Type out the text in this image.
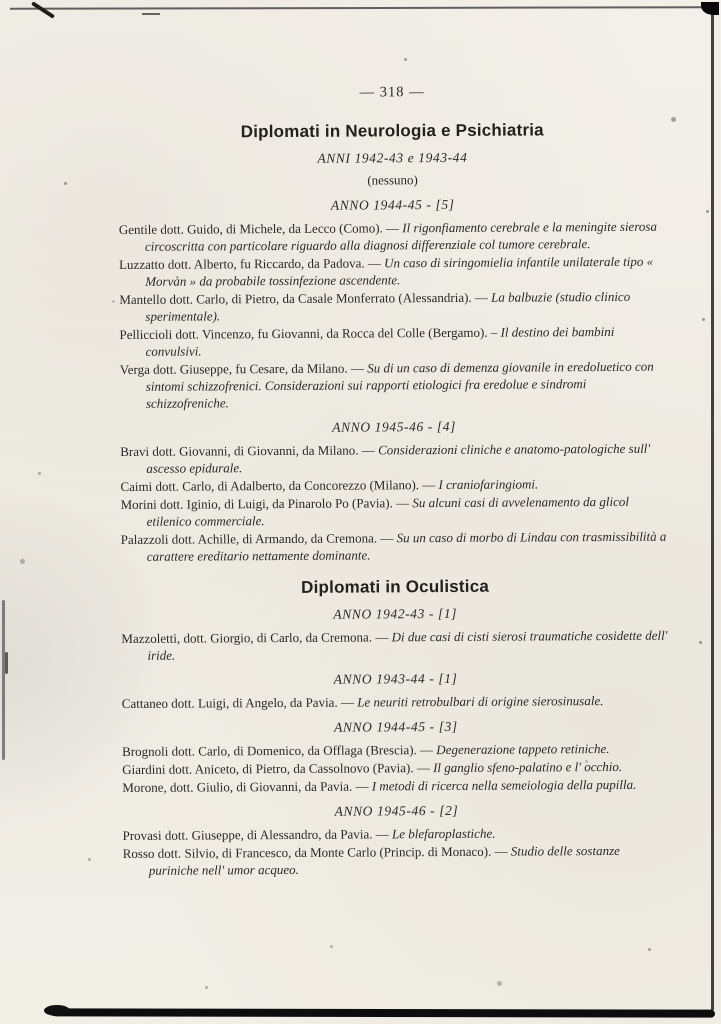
— 318 —
Diplomati in Neurologia e Psichiatria
ANNI 1942-43 e 1943-44
(nessuno)
ANNO 1944-45 - [5]

Gentile dott. Guido, di Michele, da Lecco (Como). — Il rigonfiamento cerebrale e la meningite sierosa circoscritta con particolare riguardo alla diagnosi differenziale col tumore cerebrale.

Luzzatto dott. Alberto, fu Riccardo, da Padova. — Un caso di siringomielia infantile unilaterale tipo « Morvàn » da probabile tossinfezione ascendente.

Mantello dott. Carlo, di Pietro, da Casale Monferrato (Alessandria). — La balbuzie (studio clinico sperimentale).

Pelliccioli dott. Vincenzo, fu Giovanni, da Rocca del Colle (Bergamo). – Il destino dei bambini convulsivi.

Verga dott. Giuseppe, fu Cesare, da Milano. — Su di un caso di demenza giovanile in eredoluetico con sintomi schizzofrenici. Considerazioni sui rapporti etiologici fra eredolue e sindromi schizzofreniche.

ANNO 1945-46 - [4]

Bravi dott. Giovanni, di Giovanni, da Milano. — Considerazioni cliniche e anatomo-patologiche sull' ascesso epidurale.

Caimi dott. Carlo, di Adalberto, da Concorezzo (Milano). — I craniofaringiomi.

Morini dott. Iginio, di Luigi, da Pinarolo Po (Pavia). — Su alcuni casi di avvelenamento da glicol etilenico commerciale.

Palazzoli dott. Achille, di Armando, da Cremona. — Su un caso di morbo di Lindau con trasmissibilità a carattere ereditario nettamente dominante.

Diplomati in Oculistica
ANNO 1942-43 - [1]

Mazzoletti, dott. Giorgio, di Carlo, da Cremona. — Di due casi di cisti sierosi traumatiche cosidette dell' iride.

ANNO 1943-44 - [1]

Cattaneo dott. Luigi, di Angelo, da Pavia. — Le neuriti retrobulbari di origine sierosinusale.

ANNO 1944-45 - [3]

Brognoli dott. Carlo, di Domenico, da Offlaga (Brescia). — Degenerazione tappeto retiniche.

Giardini dott. Aniceto, di Pietro, da Cassolnovo (Pavia). — Il ganglio sfeno-palatino e l' occhio.

Morone, dott. Giulio, di Giovanni, da Pavia. — I metodi di ricerca nella semeiologia della pupilla.

ANNO 1945-46 - [2]

Provasi dott. Giuseppe, di Alessandro, da Pavia. — Le blefaroplastiche.

Rosso dott. Silvio, di Francesco, da Monte Carlo (Princip. di Monaco). — Studio delle sostanze puriniche nell' umor acqueo.
